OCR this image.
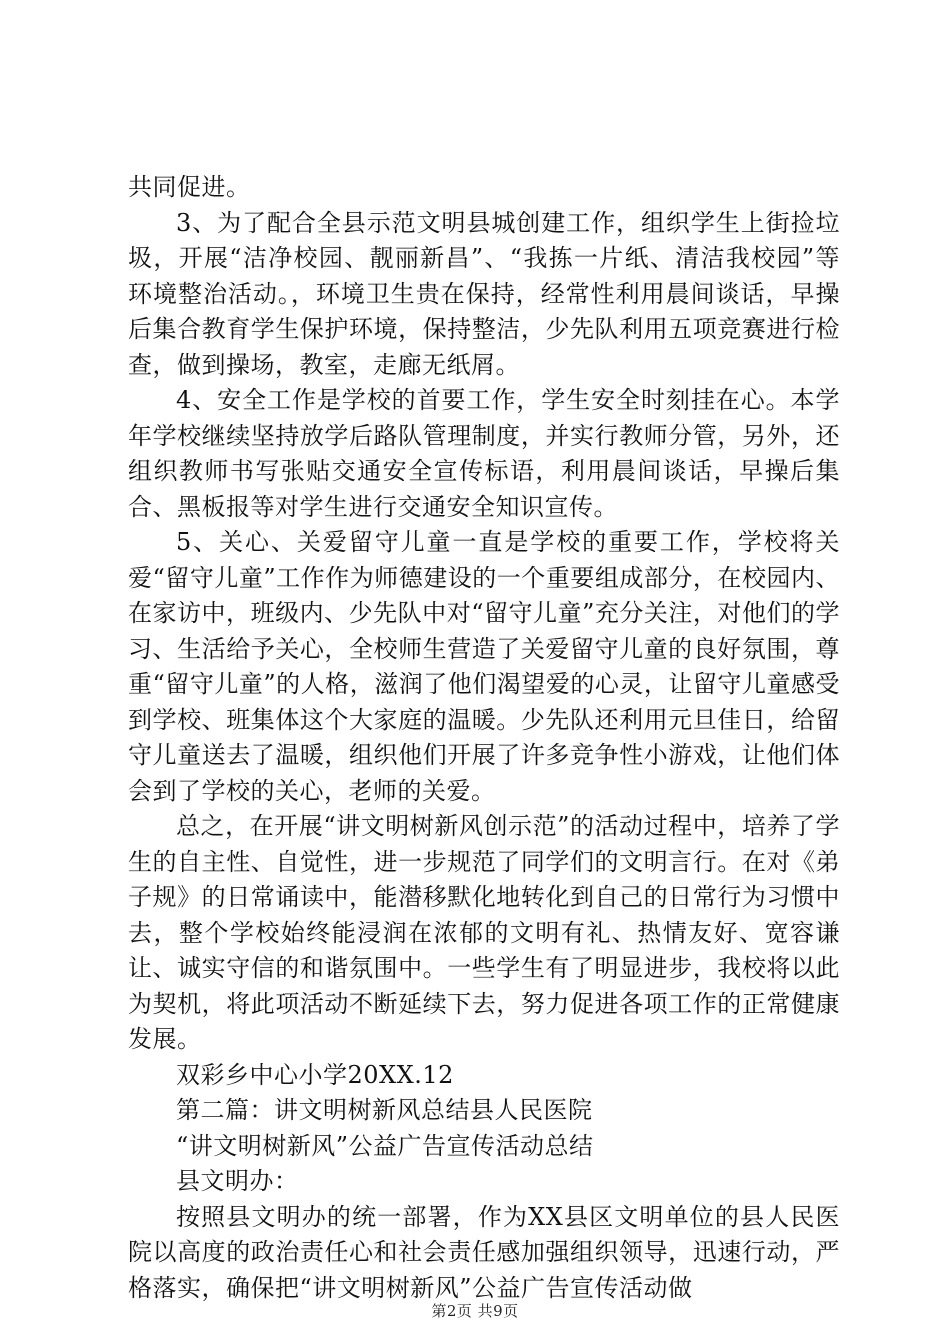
共同促进。

3、为了配合全县示范文明县城创建工作，组织学生上街捡垃圾，开展“洁净校园、靓丽新昌”、“我拣一片纸、清洁我校园”等环境整治活动。，环境卫生贵在保持，经常性利用晨间谈话，早操后集合教育学生保护环境，保持整洁，少先队利用五项竞赛进行检查，做到操场，教室，走廊无纸屑。

4、安全工作是学校的首要工作，学生安全时刻挂在心。本学年学校继续坚持放学后路队管理制度，并实行教师分管，另外，还组织教师书写张贴交通安全宣传标语，利用晨间谈话，早操后集合、黑板报等对学生进行交通安全知识宣传。

5、关心、关爱留守儿童一直是学校的重要工作，学校将关爱“留守儿童”工作作为师德建设的一个重要组成部分，在校园内、在家访中，班级内、少先队中对“留守儿童”充分关注，对他们的学习、生活给予关心，全校师生营造了关爱留守儿童的良好氛围，尊重“留守儿童”的人格，滋润了他们渴望爱的心灵，让留守儿童感受到学校、班集体这个大家庭的温暖。少先队还利用元旦佳日，给留守儿童送去了温暖，组织他们开展了许多竞争性小游戏，让他们体会到了学校的关心，老师的关爱。

总之，在开展“讲文明树新风创示范”的活动过程中，培养了学生的自主性、自觉性，进一步规范了同学们的文明言行。在对《弟子规》的日常诵读中，能潜移默化地转化到自己的日常行为习惯中去，整个学校始终能浸润在浓郁的文明有礼、热情友好、宽容谦让、诚实守信的和谐氛围中。一些学生有了明显进步，我校将以此为契机，将此项活动不断延续下去，努力促进各项工作的正常健康发展。

双彩乡中心小学20XX.12

第二篇：讲文明树新风总结县人民医院

“讲文明树新风”公益广告宣传活动总结

县文明办：

按照县文明办的统一部署，作为XX县区文明单位的县人民医院以高度的政治责任心和社会责任感加强组织领导，迅速行动，严格落实，确保把“讲文明树新风”公益广告宣传活动做

第2页 共9页
